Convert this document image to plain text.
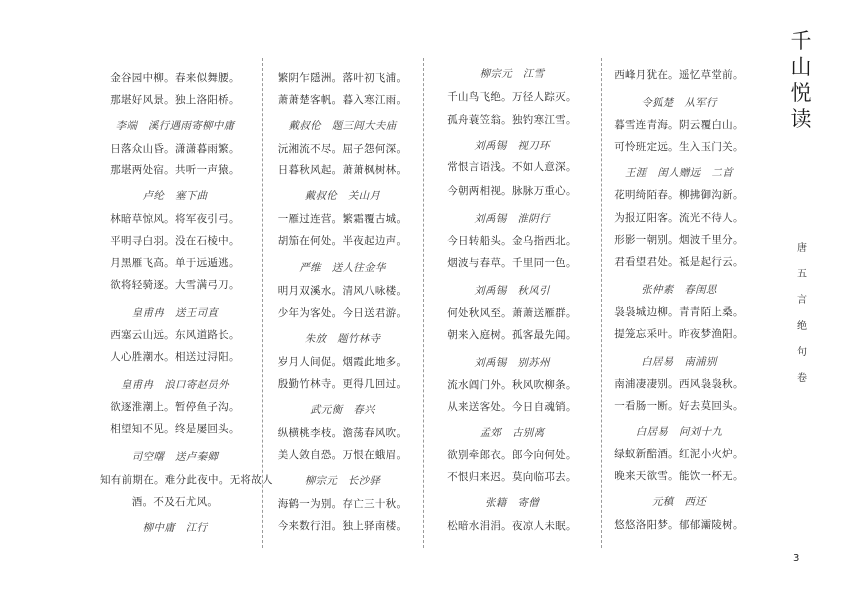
金谷园中柳。春来似舞腰。
那堪好风景。独上洛阳桥。
李端　溪行遇雨寄柳中庸
日落众山昏。潇潇暮雨繁。
那堪两处宿。共听一声猿。
卢纶　塞下曲
林暗草惊风。将军夜引弓。
平明寻白羽。没在石棱中。
月黑雁飞高。单于远遁逃。
欲将轻骑逐。大雪满弓刀。
皇甫冉　送王司直
西塞云山远。东风道路长。
人心胜潮水。相送过浔阳。
皇甫冉　浪口寄赵员外
欲逐淮潮上。暂停鱼子沟。
相望知不见。终是屡回头。
司空曙　送卢秦卿
知有前期在。难分此夜中。无将故人
酒。不及石尤风。
柳中庸　江行
繁阴乍隱洲。落叶初飞浦。
萧萧楚客帆。暮入寒江雨。
戴叔伦　题三闾大夫庙
沅湘流不尽。屈子怨何深。
日暮秋风起。萧萧枫树林。
戴叔伦　关山月
一雁过连营。繁霜覆古城。
胡笳在何处。半夜起边声。
严维　送人往金华
明月双溪水。清风八咏楼。
少年为客处。今日送君游。
朱放　题竹林寺
岁月人间促。烟霞此地多。
殷勤竹林寺。更得几回过。
武元衡　春兴
纵横桃李枝。澹荡春风吹。
美人敛自恐。万恨在蛾眉。
柳宗元　长沙驿
海鹤一为别。存亡三十秋。
今来数行泪。独上驿南楼。
柳宗元　江雪
千山鸟飞绝。万径人踪灭。
孤舟蓑笠翁。独钓寒江雪。
刘禹锡　视刀环
常恨言语浅。不如人意深。
今朝两相视。脉脉万重心。
刘禹锡　淮阴行
今日转船头。金乌指西北。
烟波与春草。千里同一色。
刘禹锡　秋风引
何处秋风至。萧萧送雁群。
朝来入庭树。孤客最先闻。
刘禹锡　别苏州
流水阊门外。秋风吹柳条。
从来送客处。今日自魂销。
孟郊　古别离
欲别牵郎衣。郎今向何处。
不恨归来迟。莫向临邛去。
张籍　寄僧
松暗水涓涓。夜凉人未眠。
西峰月犹在。遥忆草堂前。
令狐楚　从军行
暮雪连青海。阴云覆白山。
可怜班定远。生入玉门关。
王涯　闺人赠远　二首
花明绮陌春。柳拂御沟新。
为报辽阳客。流光不待人。
形影一朝别。烟波千里分。
君看望君处。祗是起行云。
张仲素　春闺思
袅袅城边柳。青青陌上桑。
提笼忘采叶。昨夜梦渔阳。
白居易　南浦别
南浦凄凄别。西风袅袅秋。
一看肠一断。好去莫回头。
白居易　问刘十九
绿蚁新醅酒。红泥小火炉。
晚来天欲雪。能饮一杯无。
元稹　西还
悠悠洛阳梦。郁郁灞陵树。
千
山
悦
读
唐
五
言
绝
句
卷
3
